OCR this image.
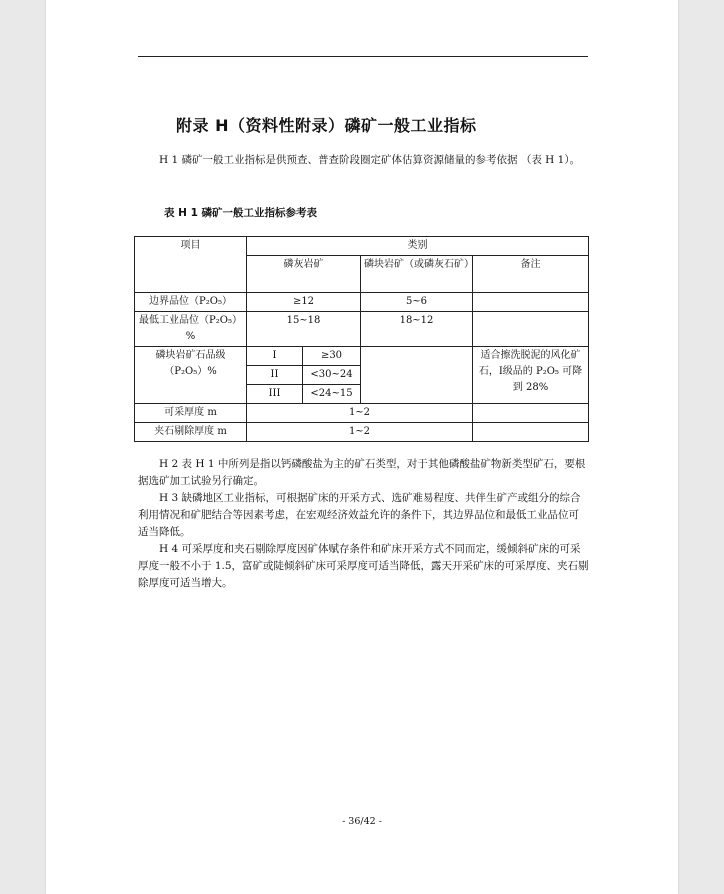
附录 H（资料性附录）磷矿一般工业指标

H 1 磷矿一般工业指标是供预查、普查阶段圈定矿体估算资源储量的参考依据 （表 H 1）。

表 H 1 磷矿一般工业指标参考表
项目	类别			
	磷灰岩矿		磷块岩矿（或磷灰石矿）	备注
边界品位（P₂O₅）	≥12		5~6	
最低工业品位（P₂O₅）%	15~18		18~12	
磷块岩矿石品级（P₂O₅）%	I	≥30		适合擦洗脱泥的风化矿石，Ⅰ级品的 P₂O₅ 可降到 28%
	II	<30~24		
	III	<24~15		
可采厚度 m	1~2			
夹石剔除厚度 m	1~2			

H 2 表 H 1 中所列是指以钙磷酸盐为主的矿石类型，对于其他磷酸盐矿物新类型矿石，要根据选矿加工试验另行确定。

H 3 缺磷地区工业指标，可根据矿床的开采方式、选矿难易程度、共伴生矿产或组分的综合利用情况和矿肥结合等因素考虑，在宏观经济效益允许的条件下，其边界品位和最低工业品位可适当降低。

H 4 可采厚度和夹石剔除厚度因矿体赋存条件和矿床开采方式不同而定，缓倾斜矿床的可采厚度一般不小于 1.5，富矿或陡倾斜矿床可采厚度可适当降低，露天开采矿床的可采厚度、夹石剔除厚度可适当增大。

- 36/42 -
